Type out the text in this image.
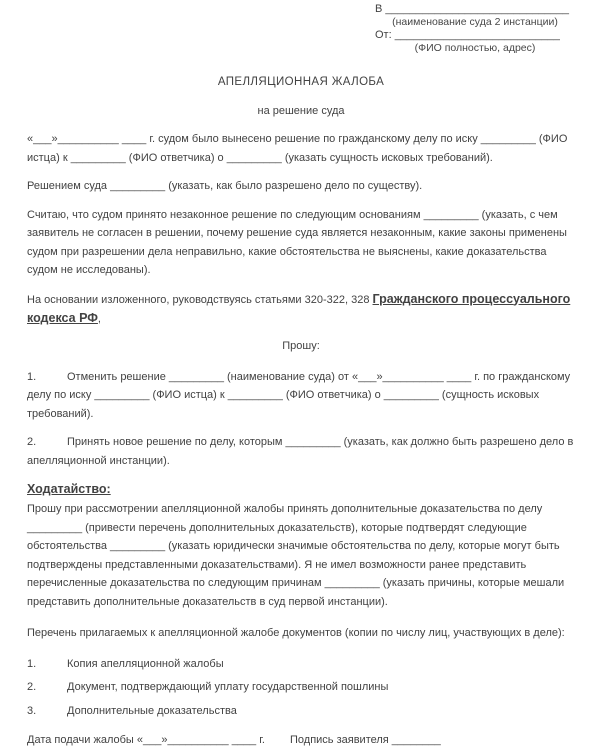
В ______________________________
(наименование суда 2 инстанции)
От: ___________________________
(ФИО полностью, адрес)
АПЕЛЛЯЦИОННАЯ ЖАЛОБА
на решение суда

«___»__________ ____ г. судом было вынесено решение по гражданскому делу по иску _________ (ФИО истца) к _________ (ФИО ответчика) о _________ (указать сущность исковых требований).

Решением суда _________ (указать, как было разрешено дело по существу).

Считаю, что судом принято незаконное решение по следующим основаниям _________ (указать, с чем заявитель не согласен в решении, почему решение суда является незаконным, какие законы применены судом при разрешении дела неправильно, какие обстоятельства не выяснены, какие доказательства судом не исследованы).

На основании изложенного, руководствуясь статьями 320-322, 328 Гражданского процессуального кодекса РФ,

Прошу:

1.	Отменить решение _________ (наименование суда) от «___»__________ ____ г. по гражданскому делу по иску _________ (ФИО истца) к _________ (ФИО ответчика) о _________ (сущность исковых требований).

2.	Принять новое решение по делу, которым _________ (указать, как должно быть разрешено дело в апелляционной инстанции).

Ходатайство:

Прошу при рассмотрении апелляционной жалобы принять дополнительные доказательства по делу _________ (привести перечень дополнительных доказательств), которые подтвердят следующие обстоятельства _________ (указать юридически значимые обстоятельства по делу, которые могут быть подтверждены представленными доказательствами). Я не имел возможности ранее представить перечисленные доказательства по следующим причинам _________ (указать причины, которые мешали представить дополнительные доказательств в суд первой инстанции).

Перечень прилагаемых к апелляционной жалобе документов (копии по числу лиц, участвующих в деле):

1.	Копия апелляционной жалобы

2.	Документ, подтверждающий уплату государственной пошлины

3.	Дополнительные доказательства

Дата подачи жалобы «___»__________ ____ г.	Подпись заявителя ________
